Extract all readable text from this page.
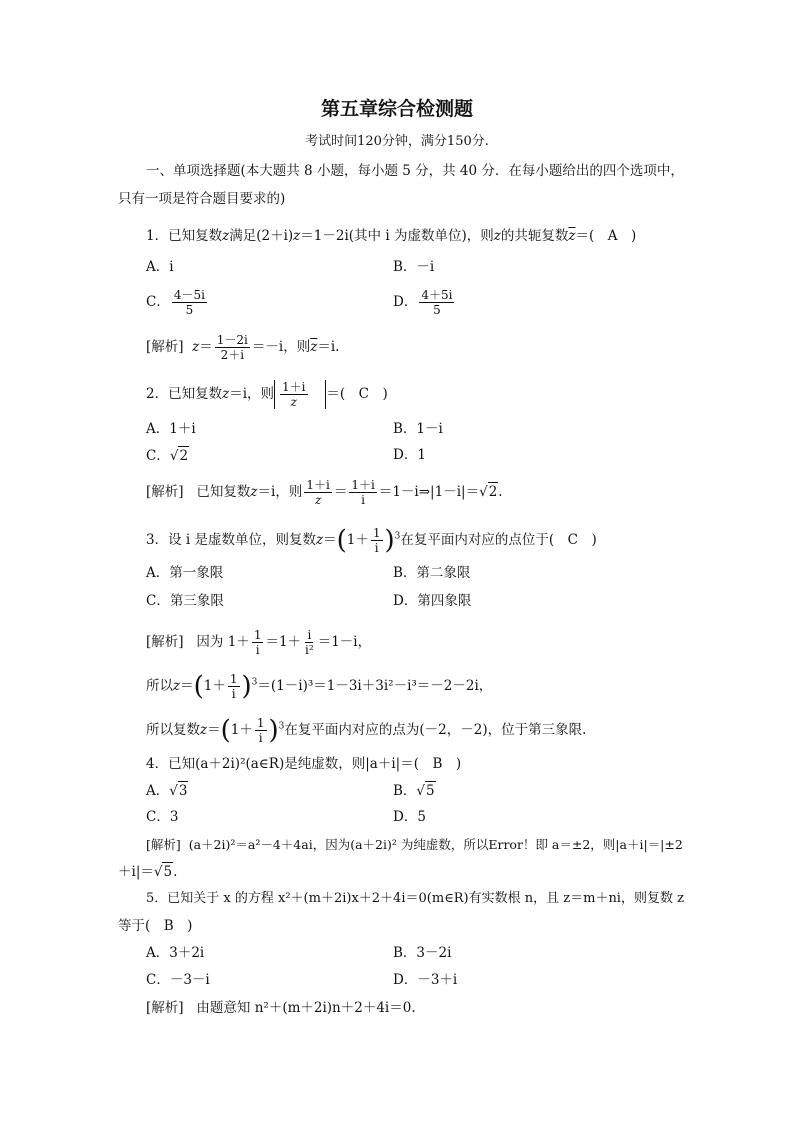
第五章综合检测题
考试时间120分钟，满分150分.
一、单项选择题(本大题共 8 小题，每小题 5 分，共 40 分．在每小题给出的四个选项中，
只有一项是符合题目要求的)
1．已知复数z满足(2＋i)z＝1－2i(其中 i 为虚数单位)，则z的共轭复数$\overline{z}=$(　A　)
A．i	B．－i
C． $\frac{4-5i}{5}$	D． $\frac{4+5i}{5}$
[解析] $z= \frac{1-2i}{2+i} =-i$，则$\overline{z}=i$.
2．已知复数z＝i，则 $\frac{1+i}{z}$ ＝(　C　)
A．1＋i	B．1－i
C．√ 2	D．1
[解析] 已知复数z＝i，则 $\frac{1+i}{z} = \frac{1+i}{i}$ ＝1－i⇒|1－i|＝√ 2 .
3．设 i 是虚数单位，则复数$z=(1+ \frac{1}{i} )^3$在复平面内对应的点位于(　C　)
A．第一象限	B．第二象限
C．第三象限	D．第四象限
[解析] 因为 $1+ \frac{1}{i} =1+ \frac{i}{\text{i²}} =1-i$，
所以$z=(1+ \frac{1}{i} )^3=(1-i)^3=1-3i+3i^2-i^3=-2-2i$，
所以复数$z=(1+ \frac{1}{i} )^3$在复平面内对应的点为(－2，－2)，位于第三象限.
4．已知(a＋2i)²(a∈R)是纯虚数，则|a＋i|＝(　B　)
A．√ 3	B．√ 5
C．3	D．5
[解析] (a＋2i)²＝a²－4＋4ai，因为(a＋2i)² 为纯虚数，所以Error！即 a＝±2，则|a＋i|＝|±2
＋i|＝√ 5 .
5．已知关于 x 的方程 x²＋(m＋2i)x＋2＋4i＝0(m∈R)有实数根 n，且 z＝m＋ni，则复数 z
等于(　B　)
A．3＋2i	B．3－2i
C．－3－i	D．－3＋i
[解析] 由题意知 n²＋(m＋2i)n＋2＋4i＝0.
